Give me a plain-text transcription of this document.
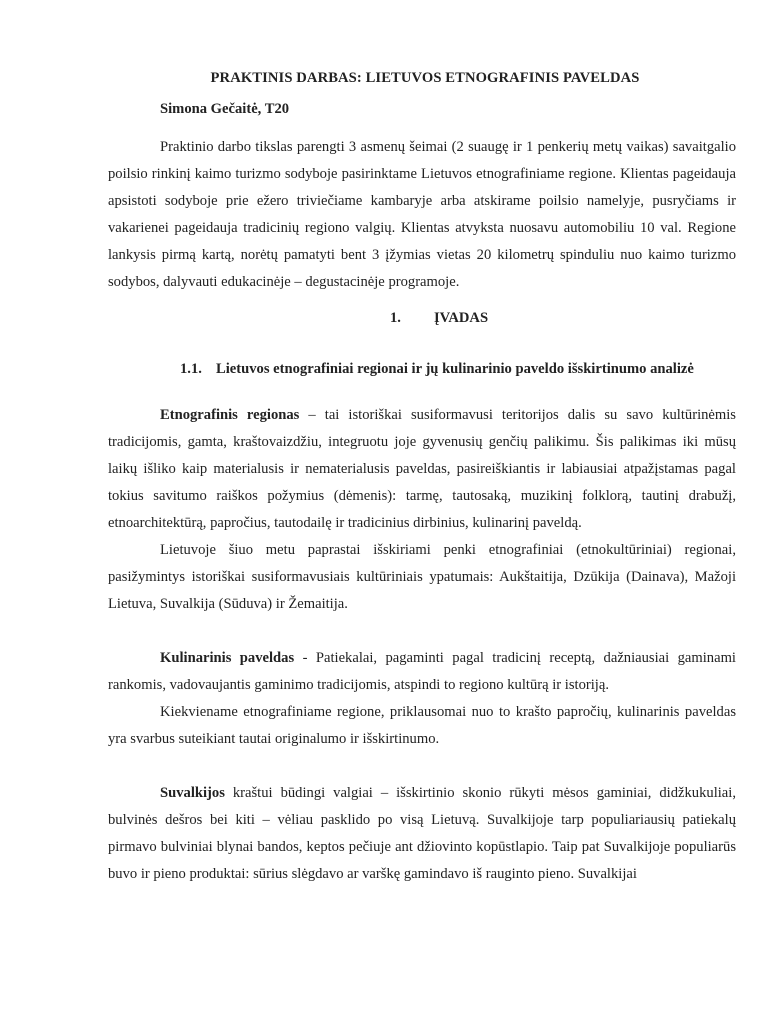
PRAKTINIS DARBAS: LIETUVOS ETNOGRAFINIS PAVELDAS
Simona Gečaitė, T20

Praktinio darbo tikslas parengti 3 asmenų šeimai (2 suaugę ir 1 penkerių metų vaikas) savaitgalio poilsio rinkinį kaimo turizmo sodyboje pasirinktame Lietuvos etnografiniame regione. Klientas pageidauja apsistoti sodyboje prie ežero triviečiame kambaryje arba atskirame poilsio namelyje, pusryčiams ir vakarienei pageidauja tradicinių regiono valgių. Klientas atvyksta nuosavu automobiliu 10 val. Regione lankysis pirmą kartą, norėtų pamatyti bent 3 įžymias vietas 20 kilometrų spinduliu nuo kaimo turizmo sodybos, dalyvauti edukacinėje – degustacinėje programoje.

1. ĮVADAS
1.1. Lietuvos etnografiniai regionai ir jų kulinarinio paveldo išskirtinumo analizė

Etnografinis regionas – tai istoriškai susiformavusi teritorijos dalis su savo kultūrinėmis tradicijomis, gamta, kraštovaizdžiu, integruotu joje gyvenusių genčių palikimu. Šis palikimas iki mūsų laikų išliko kaip materialusis ir nematerialusis paveldas, pasireiškiantis ir labiausiai atpažįstamas pagal tokius savitumo raiškos požymius (dėmenis): tarmę, tautosaką, muzikinį folklorą, tautinį drabužį, etnoarchitektūrą, papročius, tautodailę ir tradicinius dirbinius, kulinarinį paveldą.

Lietuvoje šiuo metu paprastai išskiriami penki etnografiniai (etnokultūriniai) regionai, pasižymintys istoriškai susiformavusiais kultūriniais ypatumais: Aukštaitija, Dzūkija (Dainava), Mažoji Lietuva, Suvalkija (Sūduva) ir Žemaitija.

Kulinarinis paveldas - Patiekalai, pagaminti pagal tradicinį receptą, dažniausiai gaminami rankomis, vadovaujantis gaminimo tradicijomis, atspindi to regiono kultūrą ir istoriją.

Kiekviename etnografiniame regione, priklausomai nuo to krašto papročių, kulinarinis paveldas yra svarbus suteikiant tautai originalumo ir išskirtinumo.

Suvalkijos kraštui būdingi valgiai – išskirtinio skonio rūkyti mėsos gaminiai, didžkukuliai, bulvinės dešros bei kiti – vėliau pasklido po visą Lietuvą. Suvalkijoje tarp populiariausių patiekalų pirmavo bulviniai blynai bandos, keptos pečiuje ant džiovinto kopūstlapio. Taip pat Suvalkijoje populiarūs buvo ir pieno produktai: sūrius slėgdavo ar varškę gamindavo iš rauginto pieno. Suvalkijai
